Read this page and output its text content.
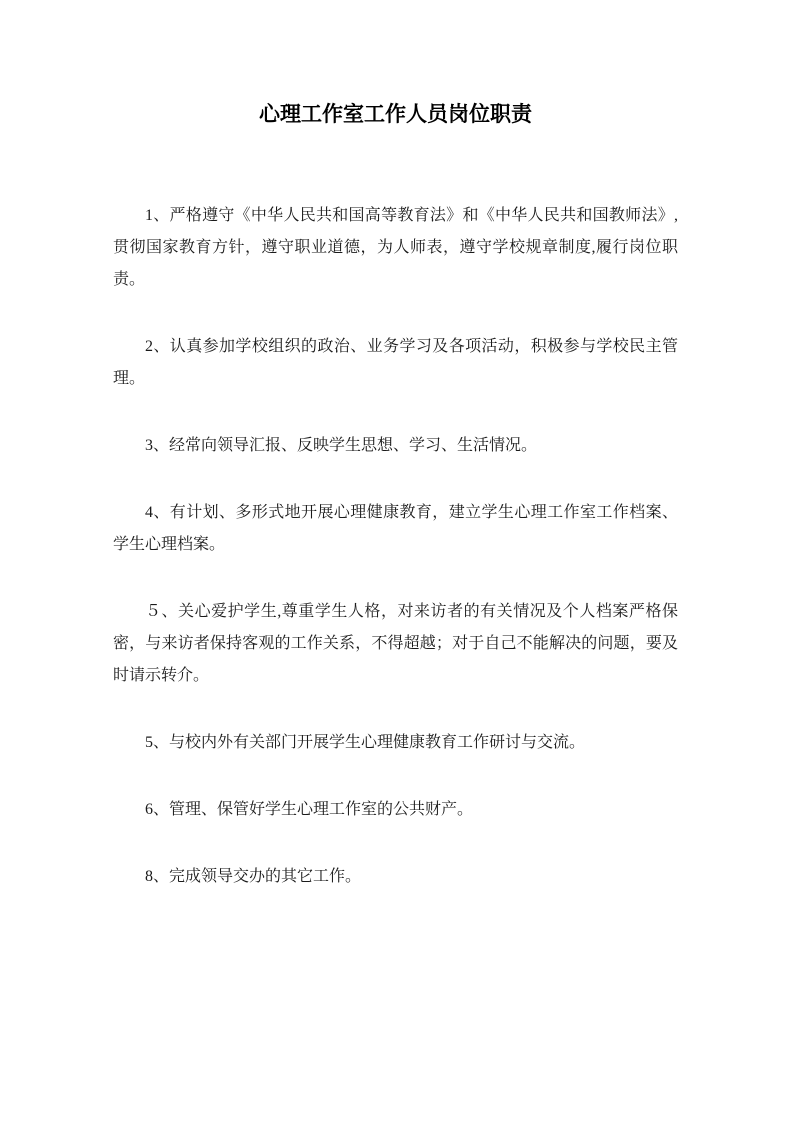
心理工作室工作人员岗位职责

1、严格遵守《中华人民共和国高等教育法》和《中华人民共和国教师法》,贯彻国家教育方针，遵守职业道德，为人师表，遵守学校规章制度,履行岗位职责。

2、认真参加学校组织的政治、业务学习及各项活动，积极参与学校民主管理。

3、经常向领导汇报、反映学生思想、学习、生活情况。

4、有计划、多形式地开展心理健康教育，建立学生心理工作室工作档案、学生心理档案。

５、关心爱护学生,尊重学生人格，对来访者的有关情况及个人档案严格保密，与来访者保持客观的工作关系，不得超越；对于自己不能解决的问题，要及时请示转介。

5、与校内外有关部门开展学生心理健康教育工作研讨与交流。

6、管理、保管好学生心理工作室的公共财产。

8、完成领导交办的其它工作。
